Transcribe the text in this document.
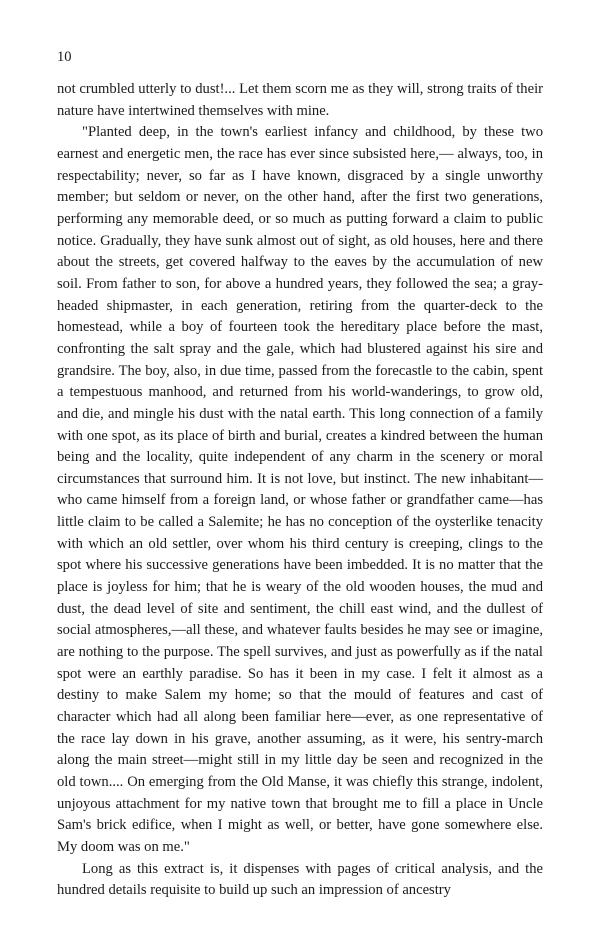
10

not crumbled utterly to dust!... Let them scorn me as they will, strong traits of their nature have intertwined themselves with mine.

"Planted deep, in the town's earliest infancy and childhood, by these two earnest and energetic men, the race has ever since subsisted here,— always, too, in respectability; never, so far as I have known, disgraced by a single unworthy member; but seldom or never, on the other hand, after the first two generations, performing any memorable deed, or so much as putting forward a claim to public notice. Gradually, they have sunk almost out of sight, as old houses, here and there about the streets, get covered halfway to the eaves by the accumulation of new soil. From father to son, for above a hundred years, they followed the sea; a gray-headed shipmaster, in each generation, retiring from the quarter-deck to the homestead, while a boy of fourteen took the hereditary place before the mast, confronting the salt spray and the gale, which had blustered against his sire and grandsire. The boy, also, in due time, passed from the forecastle to the cabin, spent a tempestuous manhood, and returned from his world-wanderings, to grow old, and die, and mingle his dust with the natal earth. This long connection of a family with one spot, as its place of birth and burial, creates a kindred between the human being and the locality, quite independent of any charm in the scenery or moral circumstances that surround him. It is not love, but instinct. The new inhabitant—who came himself from a foreign land, or whose father or grandfather came—has little claim to be called a Salemite; he has no conception of the oysterlike tenacity with which an old settler, over whom his third century is creeping, clings to the spot where his successive generations have been imbedded. It is no matter that the place is joyless for him; that he is weary of the old wooden houses, the mud and dust, the dead level of site and sentiment, the chill east wind, and the dullest of social atmospheres,—all these, and whatever faults besides he may see or imagine, are nothing to the purpose. The spell survives, and just as powerfully as if the natal spot were an earthly paradise. So has it been in my case. I felt it almost as a destiny to make Salem my home; so that the mould of features and cast of character which had all along been familiar here—ever, as one representative of the race lay down in his grave, another assuming, as it were, his sentry-march along the main street—might still in my little day be seen and recognized in the old town.... On emerging from the Old Manse, it was chiefly this strange, indolent, unjoyous attachment for my native town that brought me to fill a place in Uncle Sam's brick edifice, when I might as well, or better, have gone somewhere else. My doom was on me."

Long as this extract is, it dispenses with pages of critical analysis, and the hundred details requisite to build up such an impression of ancestry
